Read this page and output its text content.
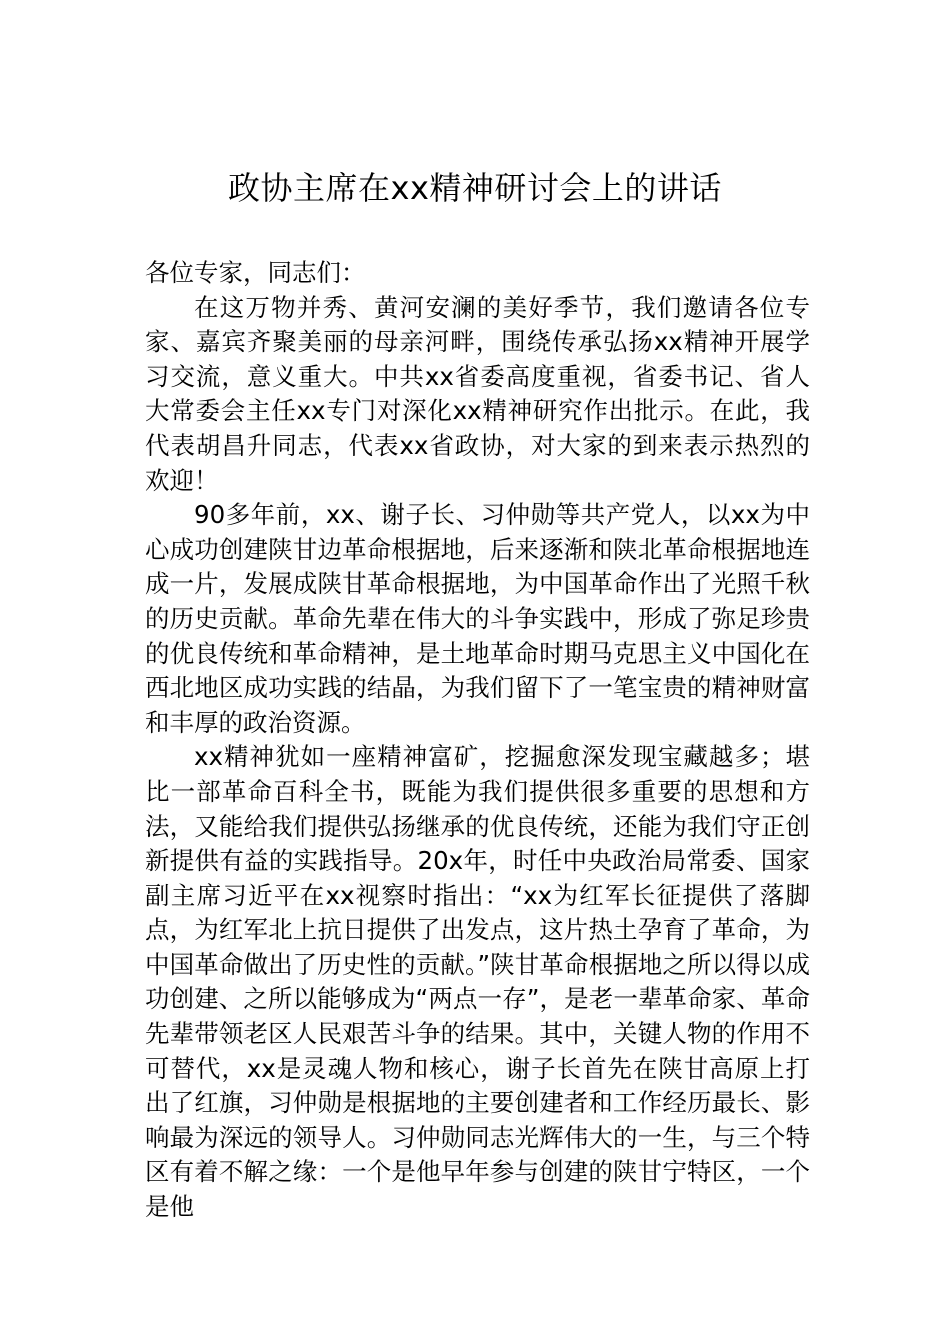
政协主席在xx精神研讨会上的讲话

各位专家，同志们：

在这万物并秀、黄河安澜的美好季节，我们邀请各位专家、嘉宾齐聚美丽的母亲河畔，围绕传承弘扬xx精神开展学习交流，意义重大。中共xx省委高度重视，省委书记、省人大常委会主任xx专门对深化xx精神研究作出批示。在此，我代表胡昌升同志，代表xx省政协，对大家的到来表示热烈的欢迎！

90多年前，xx、谢子长、习仲勋等共产党人，以xx为中心成功创建陕甘边革命根据地，后来逐渐和陕北革命根据地连成一片，发展成陕甘革命根据地，为中国革命作出了光照千秋的历史贡献。革命先辈在伟大的斗争实践中，形成了弥足珍贵的优良传统和革命精神，是土地革命时期马克思主义中国化在西北地区成功实践的结晶，为我们留下了一笔宝贵的精神财富和丰厚的政治资源。

xx精神犹如一座精神富矿，挖掘愈深发现宝藏越多；堪比一部革命百科全书，既能为我们提供很多重要的思想和方法，又能给我们提供弘扬继承的优良传统，还能为我们守正创新提供有益的实践指导。20x年，时任中央政治局常委、国家副主席习近平在xx视察时指出：“xx为红军长征提供了落脚点，为红军北上抗日提供了出发点，这片热土孕育了革命，为中国革命做出了历史性的贡献。”陕甘革命根据地之所以得以成功创建、之所以能够成为“两点一存”，是老一辈革命家、革命先辈带领老区人民艰苦斗争的结果。其中，关键人物的作用不可替代，xx是灵魂人物和核心，谢子长首先在陕甘高原上打出了红旗，习仲勋是根据地的主要创建者和工作经历最长、影响最为深远的领导人。习仲勋同志光辉伟大的一生，与三个特区有着不解之缘：一个是他早年参与创建的陕甘宁特区，一个是他
